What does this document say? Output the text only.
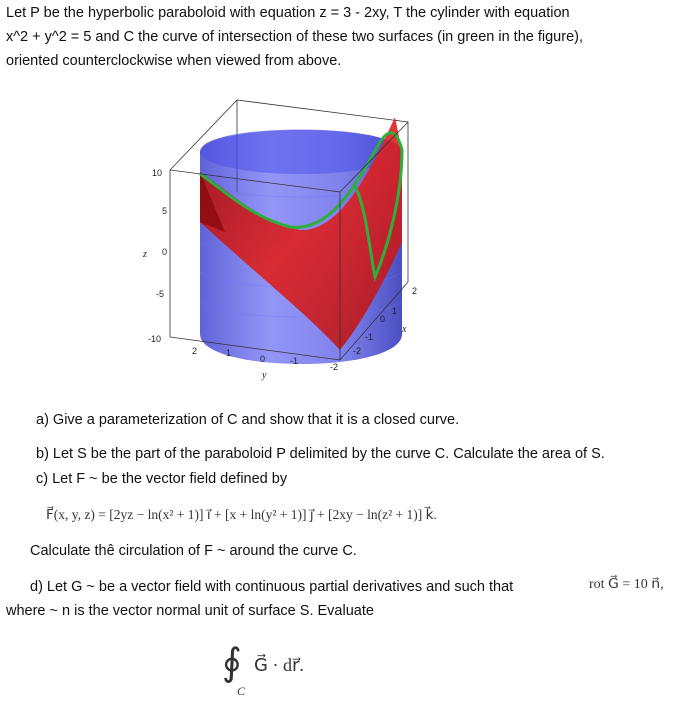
Let P be the hyperbolic paraboloid with equation z = 3 - 2xy, T the cylinder with equation
x^2 + y^2 = 5 and C the curve of intersection of these two surfaces (in green in the figure),
oriented counterclockwise when viewed from above.
10
5
0
-5
-10
z
2
1
0
-1
-2
x
2	1
0	-1
-2
y
a) Give a parameterization of C and show that it is a closed curve.
b) Let S be the part of the paraboloid P delimited by the curve C. Calculate the area of S.
c) Let F ~ be the vector field defined by
F⃗(x, y, z) = [2yz − ln(x² + 1)] i⃗ + [x + ln(y² + 1)] j⃗ + [2xy − ln(z² + 1)] k⃗.
Calculate thê circulation of F ~ around the curve C.
d) Let G ~ be a vector field with continuous partial derivatives and such that	rot G⃗ = 10 n⃗,
where ~ n is the vector normal unit of surface S. Evaluate
∮
C
G⃗ · dr⃗.
